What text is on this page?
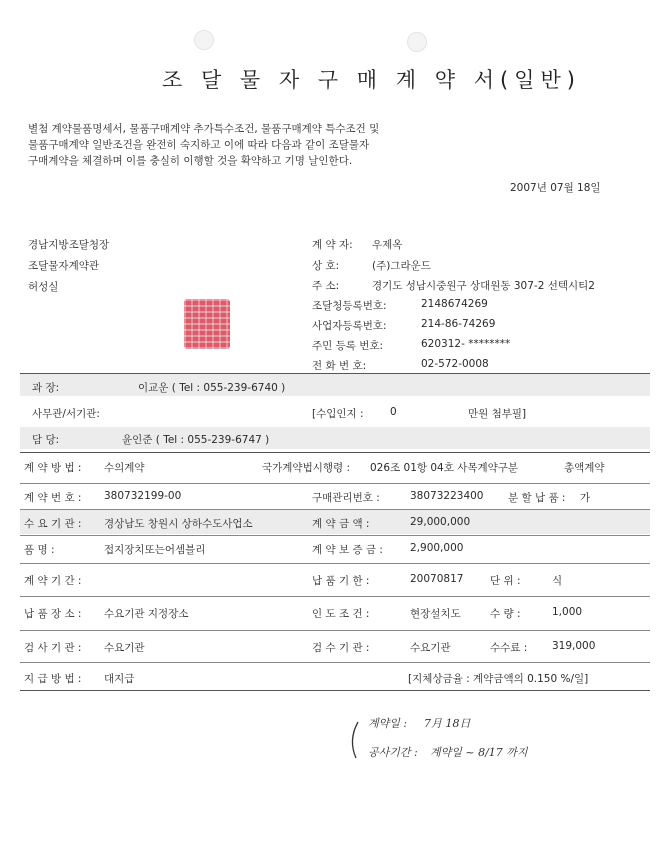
조 달 물 자 구 매 계 약 서(일반)
별첨 계약물품명세서, 물품구매계약 추가특수조건, 물품구매계약 특수조건 및
물품구매계약 일반조건을 완전히 숙지하고 이에 따라 다음과 같이 조달물자
구매계약을 체결하며 이를 충실히 이행할 것을 확약하고 기명 날인한다.
2007년 07월 18일
경남지방조달청장
조달물자계약관
허성실
계 약 자: 우제옥
상 호:	(주)그라운드
주 소:	경기도 성남시중원구 상대원동 307-2 선텍시티2
조달청등록번호:	2148674269
사업자등록번호:	214-86-74269
주민 등록 번호:	620312- ********
전 화 번 호:	02-572-0008
과 장:	이교운 ( Tel : 055-239-6740 )
사무관/서기관:	[수입인지 :	0	만원 첨부필]
담 당:	윤인준 ( Tel : 055-239-6747 )
계 약 방 법 : 수의계약	국가계약법시행령 : 026조 01항 04호 사목계약구분	총액계약
계 약 번 호 : 380732199-00	구매관리번호 :	38073223400 분 할 납 품 : 가
수 요 기 관 : 경상남도 창원시 상하수도사업소	계 약 금 액 :	29,000,000
품 명 :	접지장치또는어셈블리	계 약 보 증 금 :	2,900,000
계 약 기 간 :	납 품 기 한 :	20070817	단 위 :	식
납 품 장 소 : 수요기관 지정장소	인 도 조 건 :	현장설치도	수 량 :	1,000
검 사 기 관 : 수요기관	검 수 기 관 :	수요기관	수수료 : 319,000
지 급 방 법 : 대지급	[지체상금율 : 계약금액의 0.150 %/일]
계약일 : 7月 18日
공사기간 : 계약일 ~ 8/17 까지
